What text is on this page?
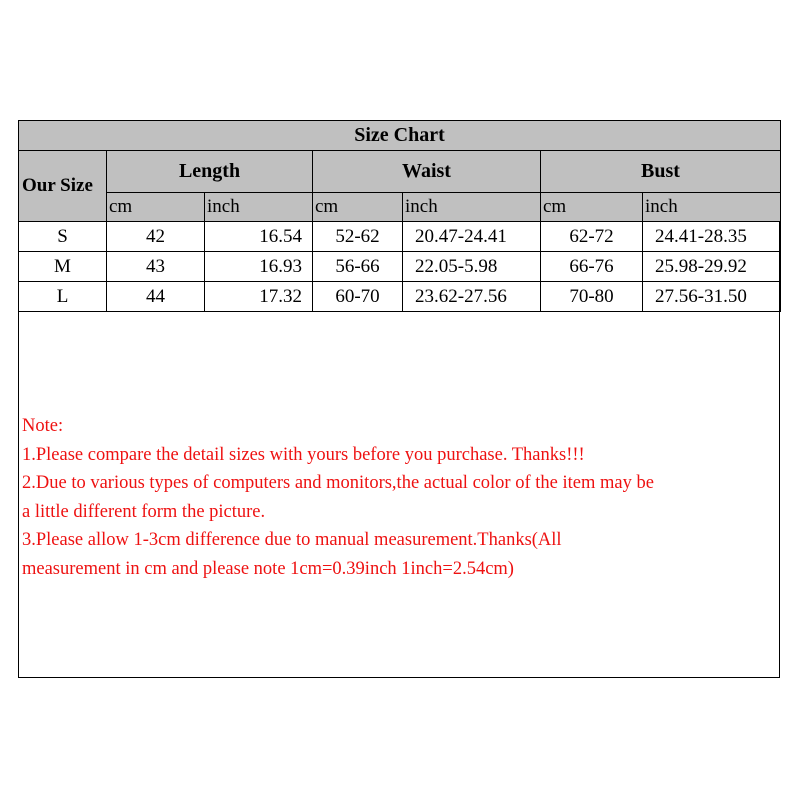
Size Chart						
Our Size	Length		Waist		Bust	
	cm	inch	cm	inch	cm	inch
S	42	16.54	52-62	20.47-24.41	62-72	24.41-28.35
M	43	16.93	56-66	22.05-5.98	66-76	25.98-29.92
L	44	17.32	60-70	23.62-27.56	70-80	27.56-31.50
Note:
1.Please compare the detail sizes with yours before you purchase. Thanks!!!
2.Due to various types of computers and monitors,the actual color of the item may be
a little different form the picture.
3.Please allow 1-3cm difference due to manual measurement.Thanks(All
measurement in cm and please note 1cm=0.39inch 1inch=2.54cm)
